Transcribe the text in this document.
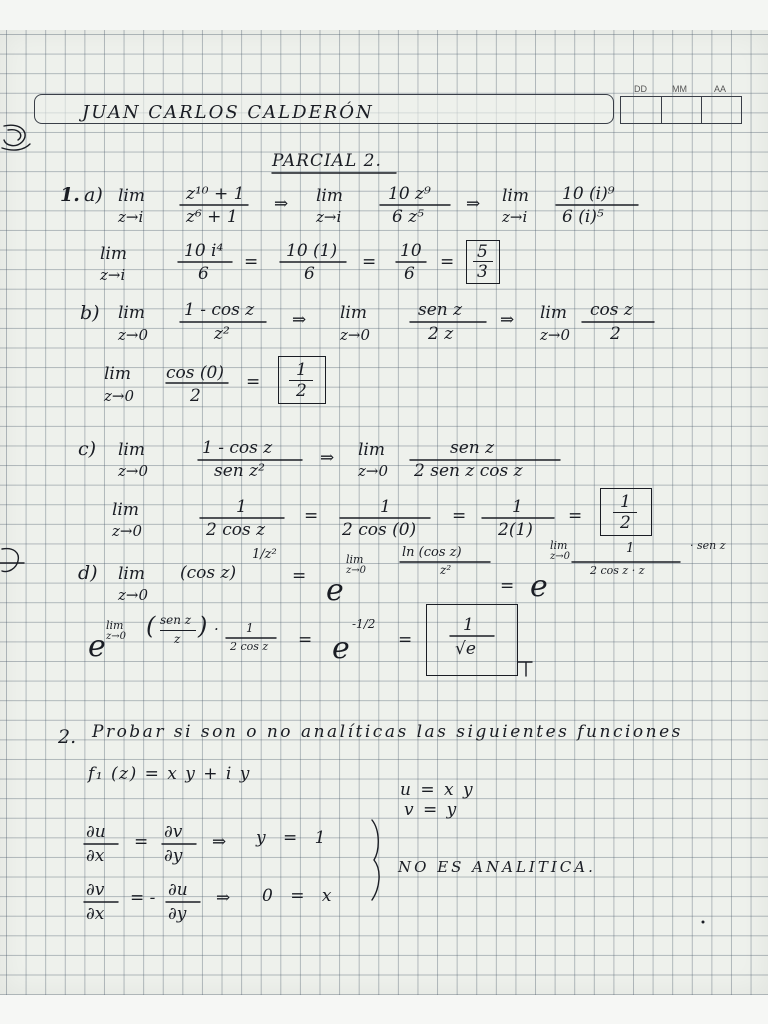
JUAN CARLOS CALDERÓN
DD	MM	AA
PARCIAL 2.
1. a) lim
z→i
z¹⁰ + 1
z⁶ + 1
⇒ lim
z→i
10 z⁹
6 z⁵
⇒ lim
z→i
10 (i)⁹
6 (i)⁵
lim
z→i
10 i⁴
6
=
10 (1)
6
=
10
6
= 5
3
b) lim
z→0
1 - cos z
z²
⇒ lim
z→0
sen z
2 z
⇒ lim
z→0
cos z
2
lim
z→0
cos (0)
2
=
1
2
c) lim
z→0
1 - cos z
sen z²
⇒ lim
z→0
sen z
2 sen z cos z
lim
z→0
1
2 cos z
=	1
2 cos (0)
=	1
2(1)
=
1
2
d) lim
z→0
(cos z)
1/z²
= e
lim
z→0
ln (cos z)
z²
= e
lim
z→0
1
2 cos z · z
· sen z
e
lim
z→0 ( sen z
z ) · 1
2 cos z = e
-1/2
=
1
√e
2. Probar si son o no analíticas las siguientes funciones
f₁ (z) = x y + i y
u = x y
v = y
∂u
∂x
= ∂v
∂y
⇒ y = 1
∂v
∂x
= - ∂u
∂y
⇒ 0 = x
NO ES ANALITICA.
